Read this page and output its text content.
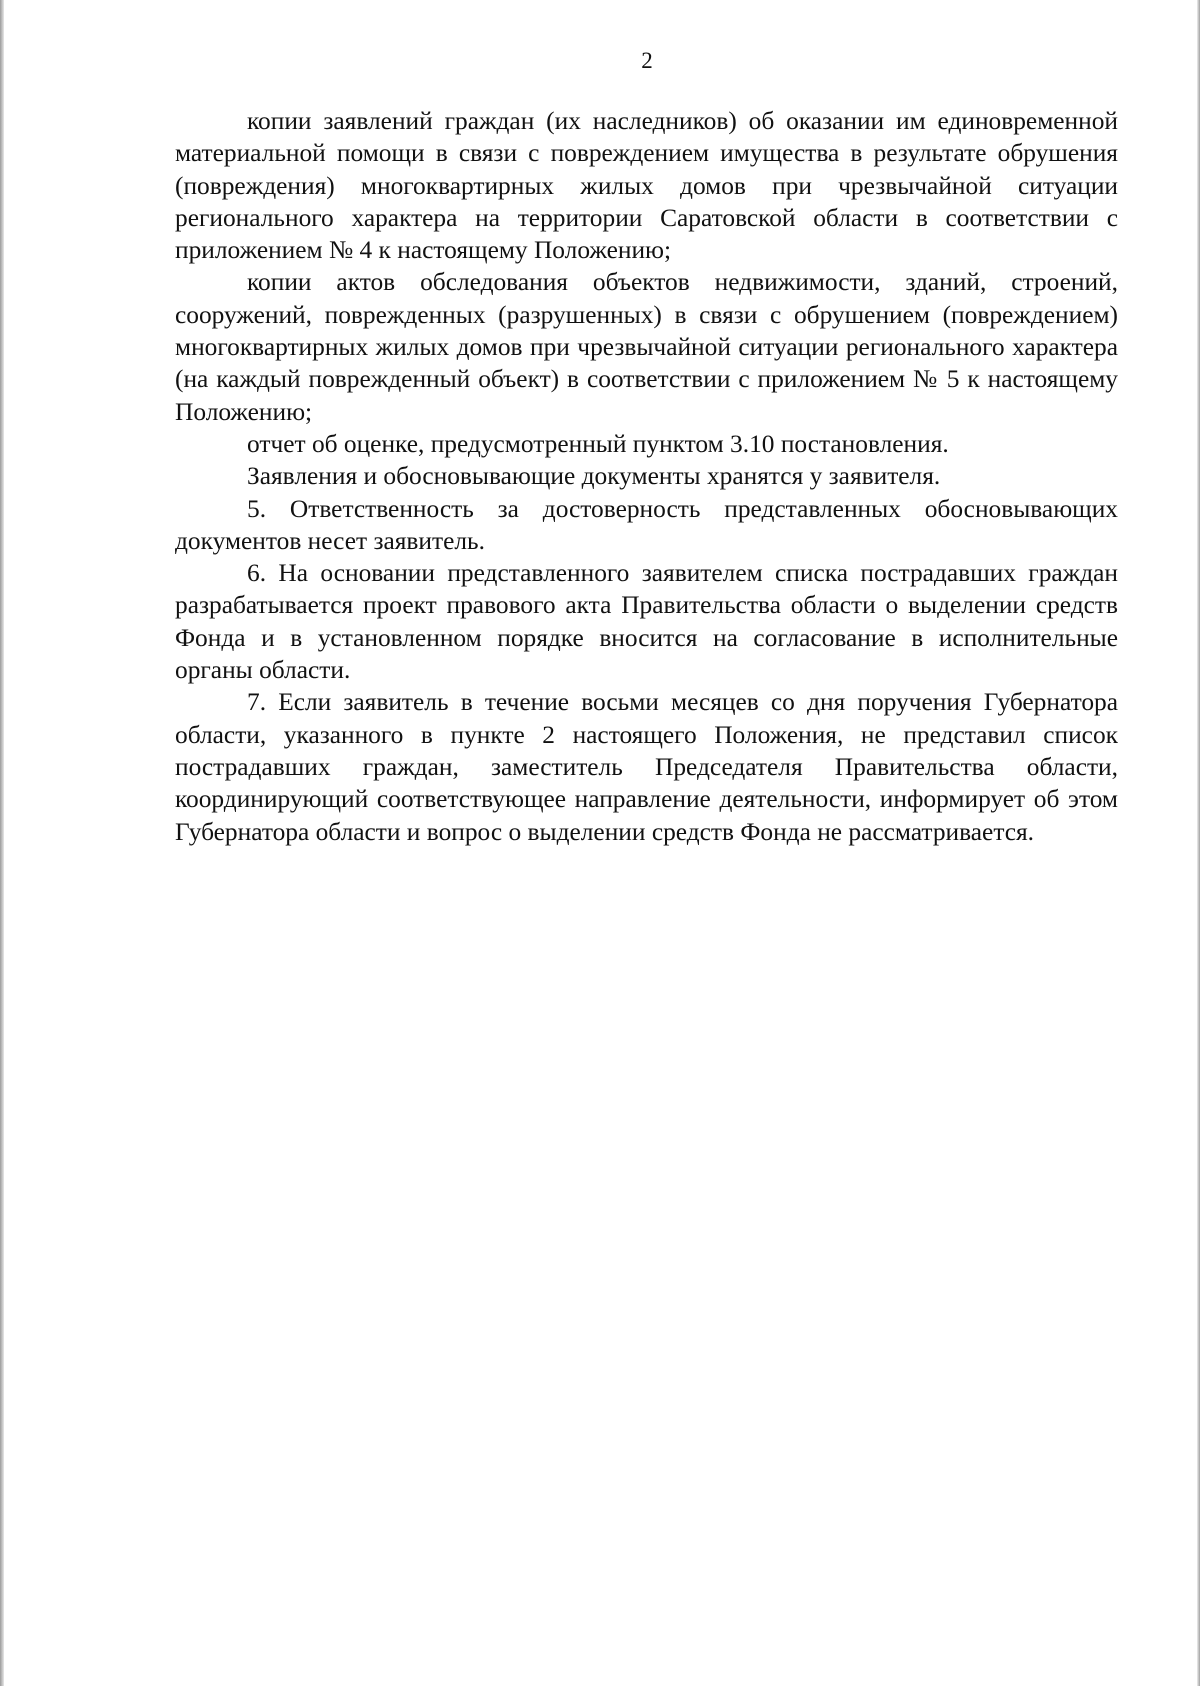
2

копии заявлений граждан (их наследников) об оказании им единовременной материальной помощи в связи с повреждением имущества в результате обрушения (повреждения) многоквартирных жилых домов при чрезвычайной ситуации регионального характера на территории Саратовской области в соответствии с приложением № 4 к настоящему Положению;

копии актов обследования объектов недвижимости, зданий, строений, сооружений, поврежденных (разрушенных) в связи с обрушением (повреждением) многоквартирных жилых домов при чрезвычайной ситуации регионального характера (на каждый поврежденный объект) в соответствии с приложением № 5 к настоящему Положению;

отчет об оценке, предусмотренный пунктом 3.10 постановления.

Заявления и обосновывающие документы хранятся у заявителя.

5. Ответственность за достоверность представленных обосновывающих документов несет заявитель.

6. На основании представленного заявителем списка пострадавших граждан разрабатывается проект правового акта Правительства области о выделении средств Фонда и в установленном порядке вносится на согласование в исполнительные органы области.

7. Если заявитель в течение восьми месяцев со дня поручения Губернатора области, указанного в пункте 2 настоящего Положения, не представил список пострадавших граждан, заместитель Председателя Правительства области, координирующий соответствующее направление деятельности, информирует об этом Губернатора области и вопрос о выделении средств Фонда не рассматривается.
